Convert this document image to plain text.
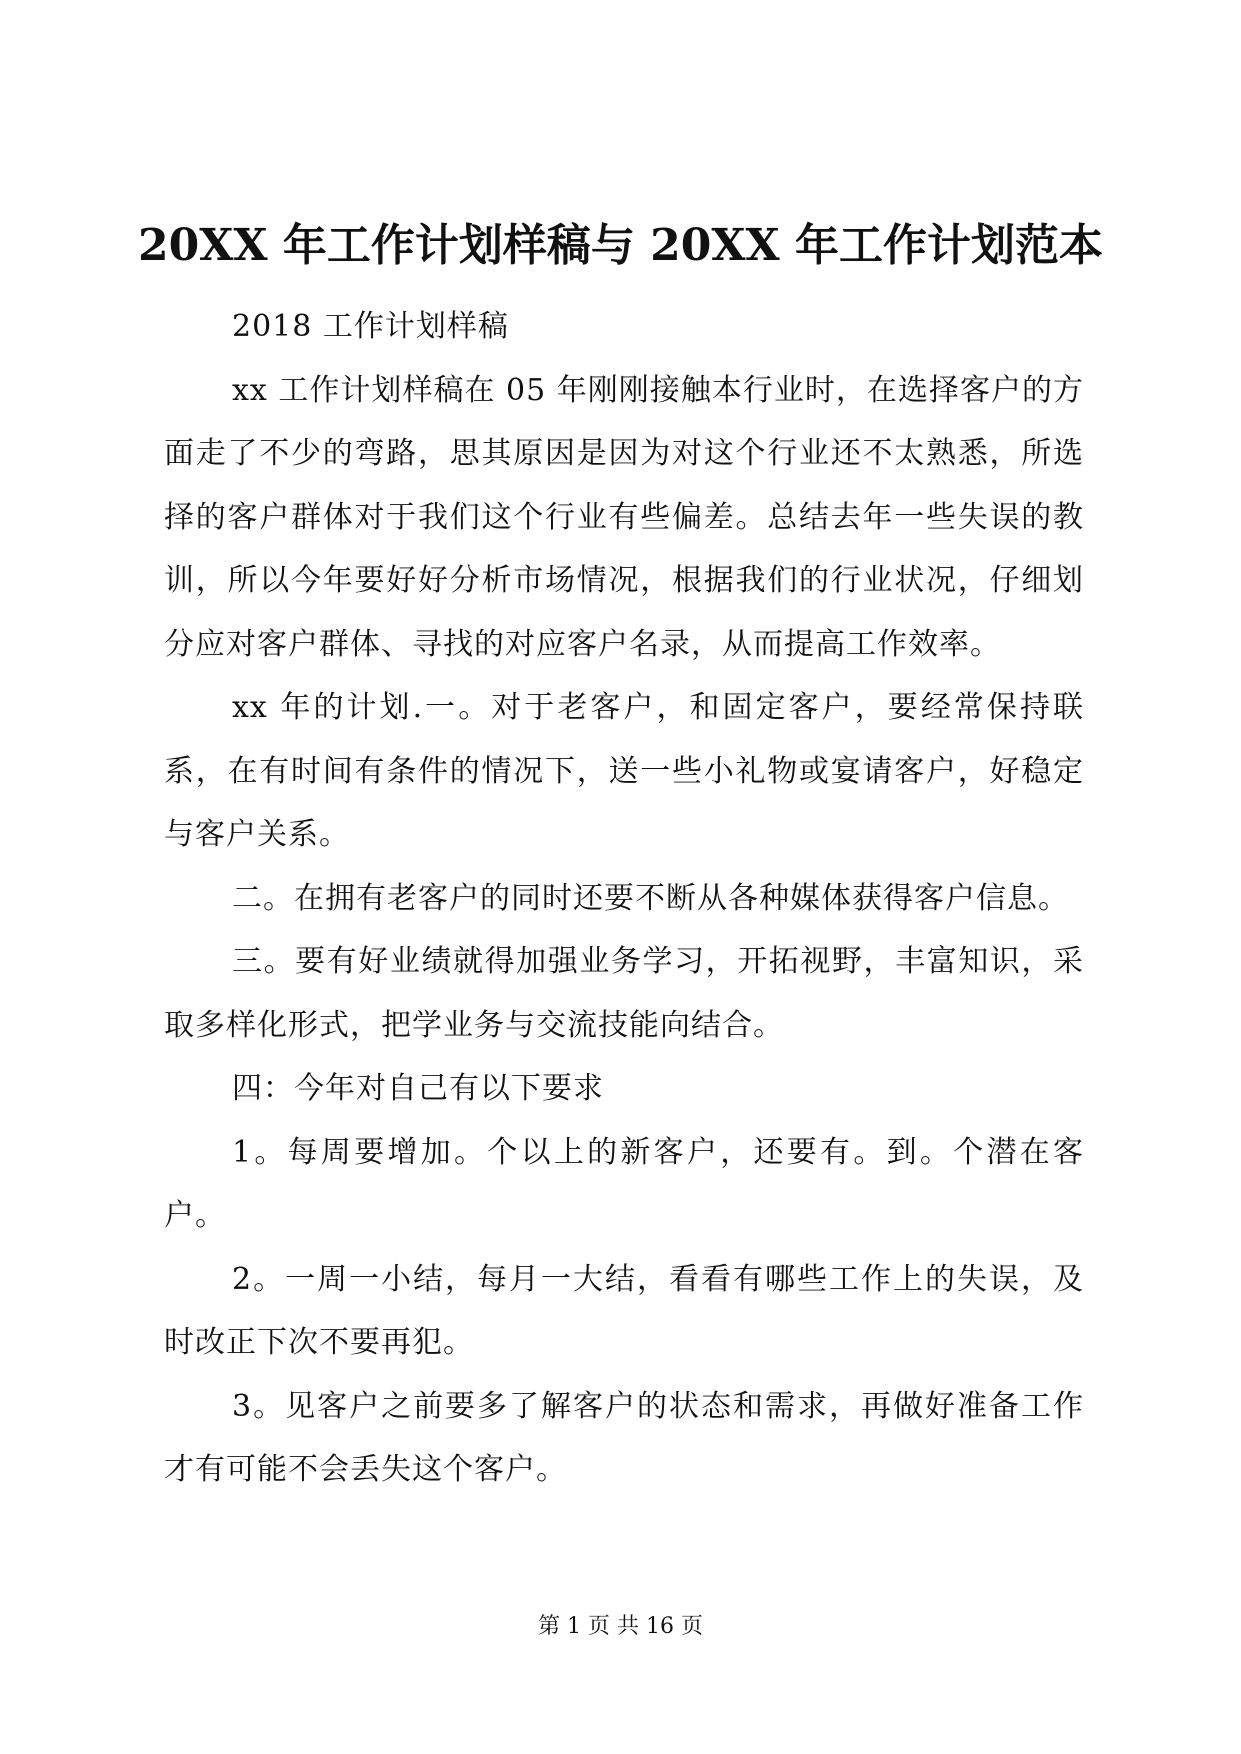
20XX 年工作计划样稿与 20XX 年工作计划范本

2018 工作计划样稿

xx 工作计划样稿在 05 年刚刚接触本行业时，在选择客户的方面走了不少的弯路，思其原因是因为对这个行业还不太熟悉，所选择的客户群体对于我们这个行业有些偏差。总结去年一些失误的教训，所以今年要好好分析市场情况，根据我们的行业状况，仔细划分应对客户群体、寻找的对应客户名录，从而提高工作效率。

xx 年的计划.一。对于老客户，和固定客户，要经常保持联系，在有时间有条件的情况下，送一些小礼物或宴请客户，好稳定与客户关系。

二。在拥有老客户的同时还要不断从各种媒体获得客户信息。

三。要有好业绩就得加强业务学习，开拓视野，丰富知识，采取多样化形式，把学业务与交流技能向结合。

四：今年对自己有以下要求

1。每周要增加。个以上的新客户，还要有。到。个潜在客户。

2。一周一小结，每月一大结，看看有哪些工作上的失误，及时改正下次不要再犯。

3。见客户之前要多了解客户的状态和需求，再做好准备工作才有可能不会丢失这个客户。

第 1 页 共 16 页
